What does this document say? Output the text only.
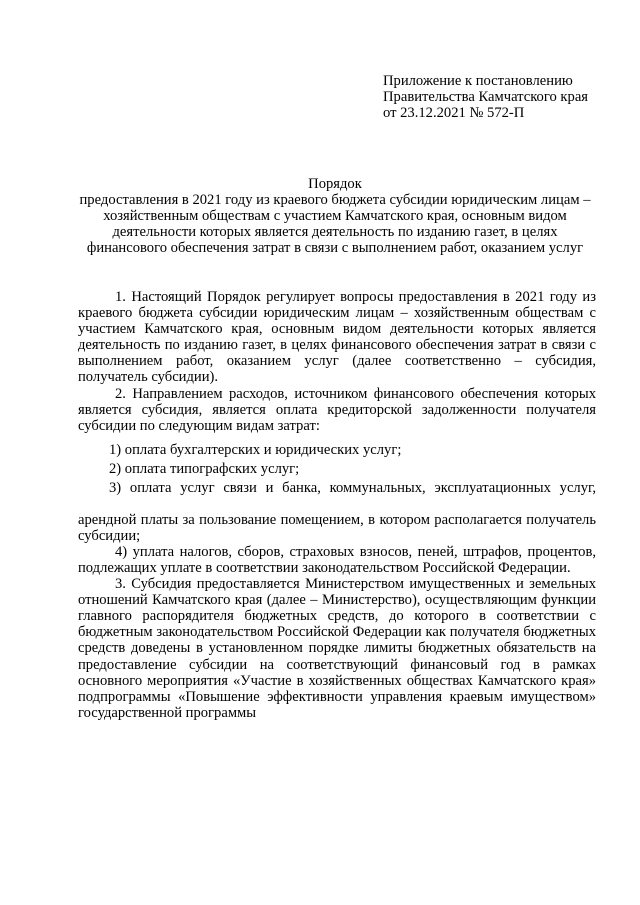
Приложение к постановлению
Правительства Камчатского края
от 23.12.2021 № 572-П
Порядок
предоставления в 2021 году из краевого бюджета субсидии юридическим лицам – хозяйственным обществам с участием Камчатского края, основным видом деятельности которых является деятельность по изданию газет, в целях финансового обеспечения затрат в связи с выполнением работ, оказанием услуг

1. Настоящий Порядок регулирует вопросы предоставления в 2021 году из краевого бюджета субсидии юридическим лицам – хозяйственным обществам с участием Камчатского края, основным видом деятельности которых является деятельность по изданию газет, в целях финансового обеспечения затрат в связи с выполнением работ, оказанием услуг (далее соответственно – субсидия, получатель субсидии).

2. Направлением расходов, источником финансового обеспечения которых является субсидия, является оплата кредиторской задолженности получателя субсидии по следующим видам затрат:

1) оплата бухгалтерских и юридических услуг;
2) оплата типографских услуг;
3) оплата услуг связи и банка, коммунальных, эксплуатационных услуг,

арендной платы за пользование помещением, в котором располагается получатель субсидии;

4) уплата налогов, сборов, страховых взносов, пеней, штрафов, процентов, подлежащих уплате в соответствии законодательством Российской Федерации.

3. Субсидия предоставляется Министерством имущественных и земельных отношений Камчатского края (далее – Министерство), осуществляющим функции главного распорядителя бюджетных средств, до которого в соответствии с бюджетным законодательством Российской Федерации как получателя бюджетных средств доведены в установленном порядке лимиты бюджетных обязательств на предоставление субсидии на соответствующий финансовый год в рамках основного мероприятия «Участие в хозяйственных обществах Камчатского края» подпрограммы «Повышение эффективности управления краевым имуществом» государственной программы
